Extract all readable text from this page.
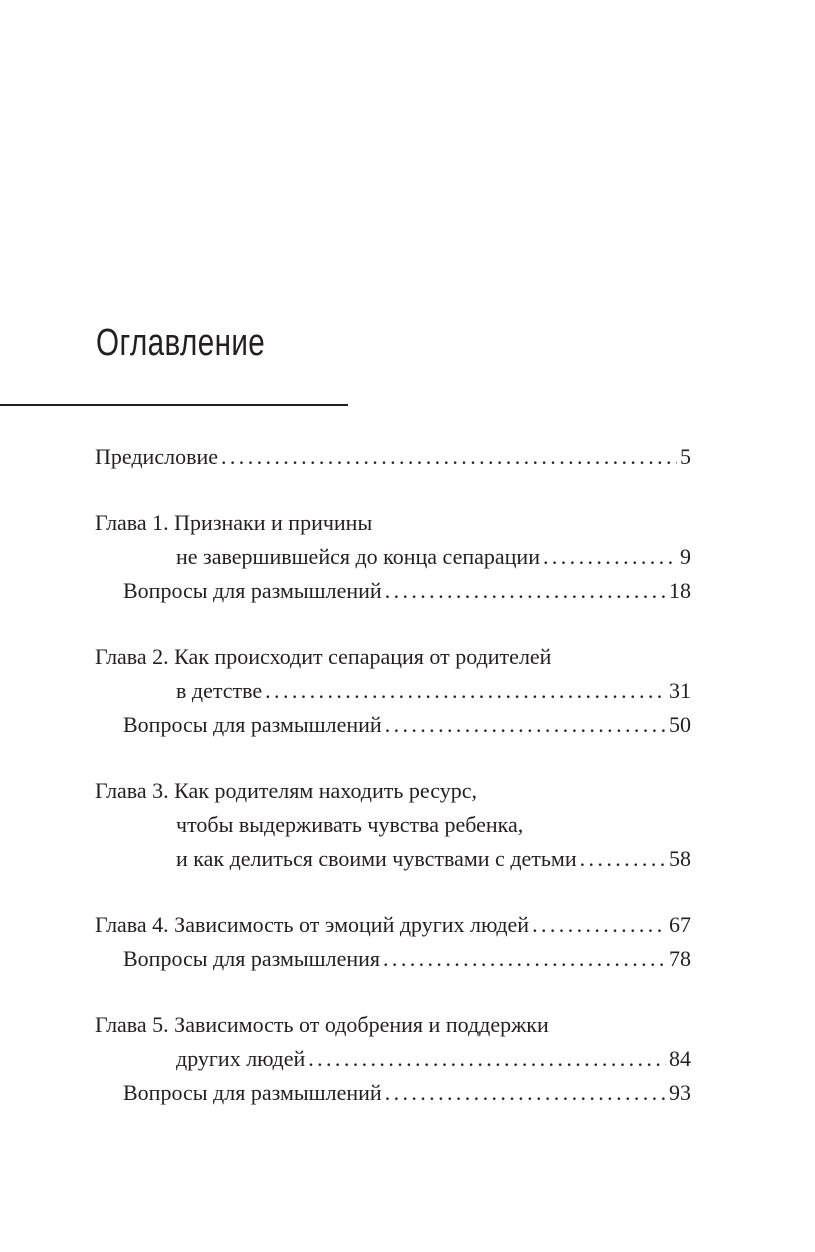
Оглавление
Предисловие .....	5
Глава 1. Признаки и причины
не завершившейся до конца сепарации .....	9
Вопросы для размышлений .....	18
Глава 2. Как происходит сепарация от родителей
в детстве .....	31
Вопросы для размышлений .....	50
Глава 3. Как родителям находить ресурс,
чтобы выдерживать чувства ребенка,
и как делиться своими чувствами с детьми .....	58
Глава 4. Зависимость от эмоций других людей .....	67
Вопросы для размышления .....	78
Глава 5. Зависимость от одобрения и поддержки
других людей .....	84
Вопросы для размышлений .....	93
